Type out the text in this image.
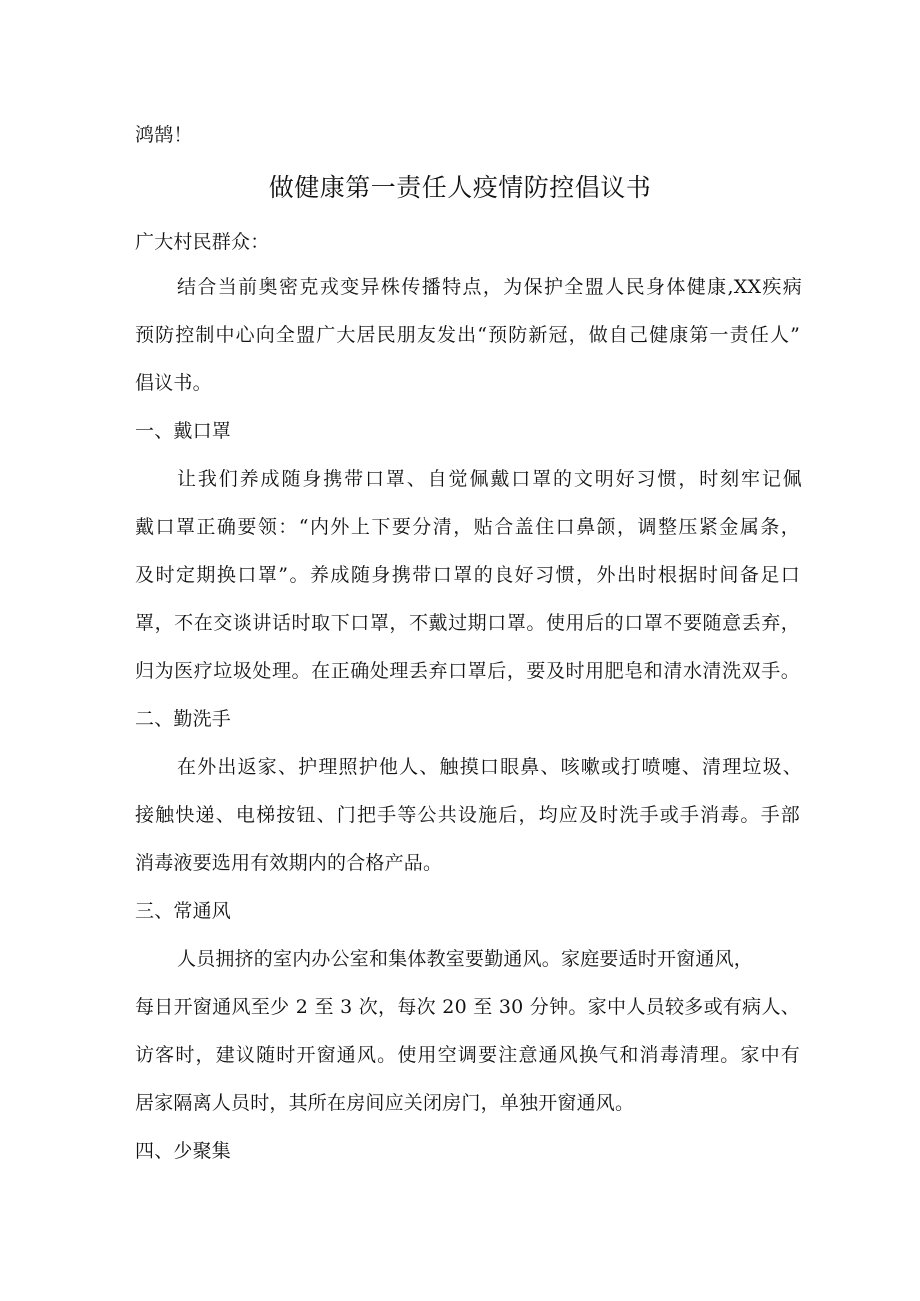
鸿鹄！
做健康第一责任人疫情防控倡议书
广大村民群众：
结合当前奥密克戎变异株传播特点，为保护全盟人民身体健康,XX疾病
预防控制中心向全盟广大居民朋友发出“预防新冠，做自己健康第一责任人”
倡议书。
一、戴口罩
让我们养成随身携带口罩、自觉佩戴口罩的文明好习惯，时刻牢记佩
戴口罩正确要领：“内外上下要分清，贴合盖住口鼻颌，调整压紧金属条，
及时定期换口罩”。养成随身携带口罩的良好习惯，外出时根据时间备足口
罩，不在交谈讲话时取下口罩，不戴过期口罩。使用后的口罩不要随意丢弃，
归为医疗垃圾处理。在正确处理丢弃口罩后，要及时用肥皂和清水清洗双手。
二、勤洗手
在外出返家、护理照护他人、触摸口眼鼻、咳嗽或打喷嚏、清理垃圾、
接触快递、电梯按钮、门把手等公共设施后，均应及时洗手或手消毒。手部
消毒液要选用有效期内的合格产品。
三、常通风
人员拥挤的室内办公室和集体教室要勤通风。家庭要适时开窗通风，
每日开窗通风至少 2 至 3 次，每次 20 至 30 分钟。家中人员较多或有病人、
访客时，建议随时开窗通风。使用空调要注意通风换气和消毒清理。家中有
居家隔离人员时，其所在房间应关闭房门，单独开窗通风。
四、少聚集
